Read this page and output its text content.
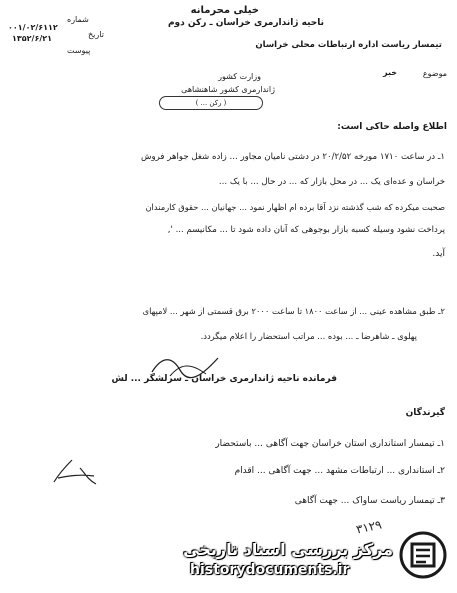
خیلی محرمانه
شماره
۰۰۱/۰۲/۶۱۱۲
تاریخ
۱۳۵۲/۶/۲۱
پیوست
ناحیه ژاندارمری خراسان ـ رکن دوم
تیمسار ریاست اداره ارتباطات محلی خراسان
موضوع
خبر
وزارت کشور
ژاندارمری کشور شاهنشاهی
( رکن ... )
اطلاع واصله حاکی است:
۱ـ در ساعت ۱۷۱۰ مورخه ۲۰/۲/۵۲ در دشتی نامیان مجاور ... زاده شغل جواهر فروش
خراسان و عده‌ای یک ... در محل بازار که ... در حال ... با یک ...
صحبت میکرده که شب گذشته نزد آقا برده ام اظهار نمود ... جهانیان ... حقوق کارمندان
پرداخت نشود وسیله کسبه بازار بوجوهی که آنان داده شود تا ... مکانیسم ... ',
آید.
۲ـ طبق مشاهده عینی ... از ساعت ۱۸۰۰ تا ساعت ۲۰۰۰ برق قسمتی از شهر ... لامپهای
پهلوی ـ شاهرضا ـ ... بوده ... مراتب استحضار را اعلام میگردد.
فرمانده ناحیه ژاندارمری خراسان ـ سرلشگر ... لش
گیرندگان
۱ـ تیمسار استانداری استان خراسان جهت آگاهی ... باستحضار
۲ـ استانداری ... ارتباطات مشهد ... جهت آگاهی ... اقدام
۳ـ تیمسار ریاست ساواک ... جهت آگاهی
۳۱۲۹
مرکز بررسی اسناد تاریخی
historydocuments.ir
